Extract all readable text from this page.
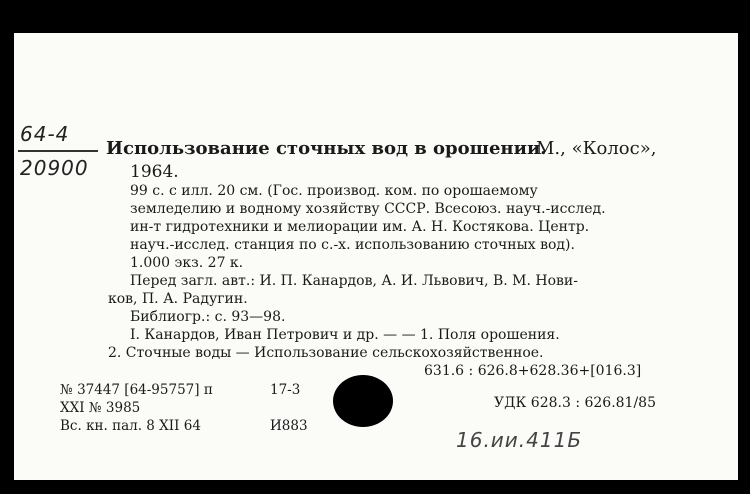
64-4
20900
Использование сточных вод в орошении.
М., «Колос»,
1964.
99 с. с илл. 20 см. (Гос. производ. ком. по орошаемому
земледелию и водному хозяйству СССР. Всесоюз. науч.-исслед.
ин-т гидротехники и мелиорации им. А. Н. Костякова. Центр.
науч.-исслед. станция по с.-х. использованию сточных вод).
1.000 экз. 27 к.
Перед загл. авт.: И. П. Канардов, А. И. Львович, В. М. Нови-
ков, П. А. Радугин.
Библиогр.: с. 93—98.
I. Канардов, Иван Петрович и др. — — 1. Поля орошения.
2. Сточные воды — Использование сельскохозяйственное.
631.6 : 626.8+628.36+[016.3]
№ 37447 [64-95757] п	17-3
XXI № 3985
Вс. кн. пал. 8 XII 64	И883
УДК 628.3 : 626.81/85
16.ии.411Б
